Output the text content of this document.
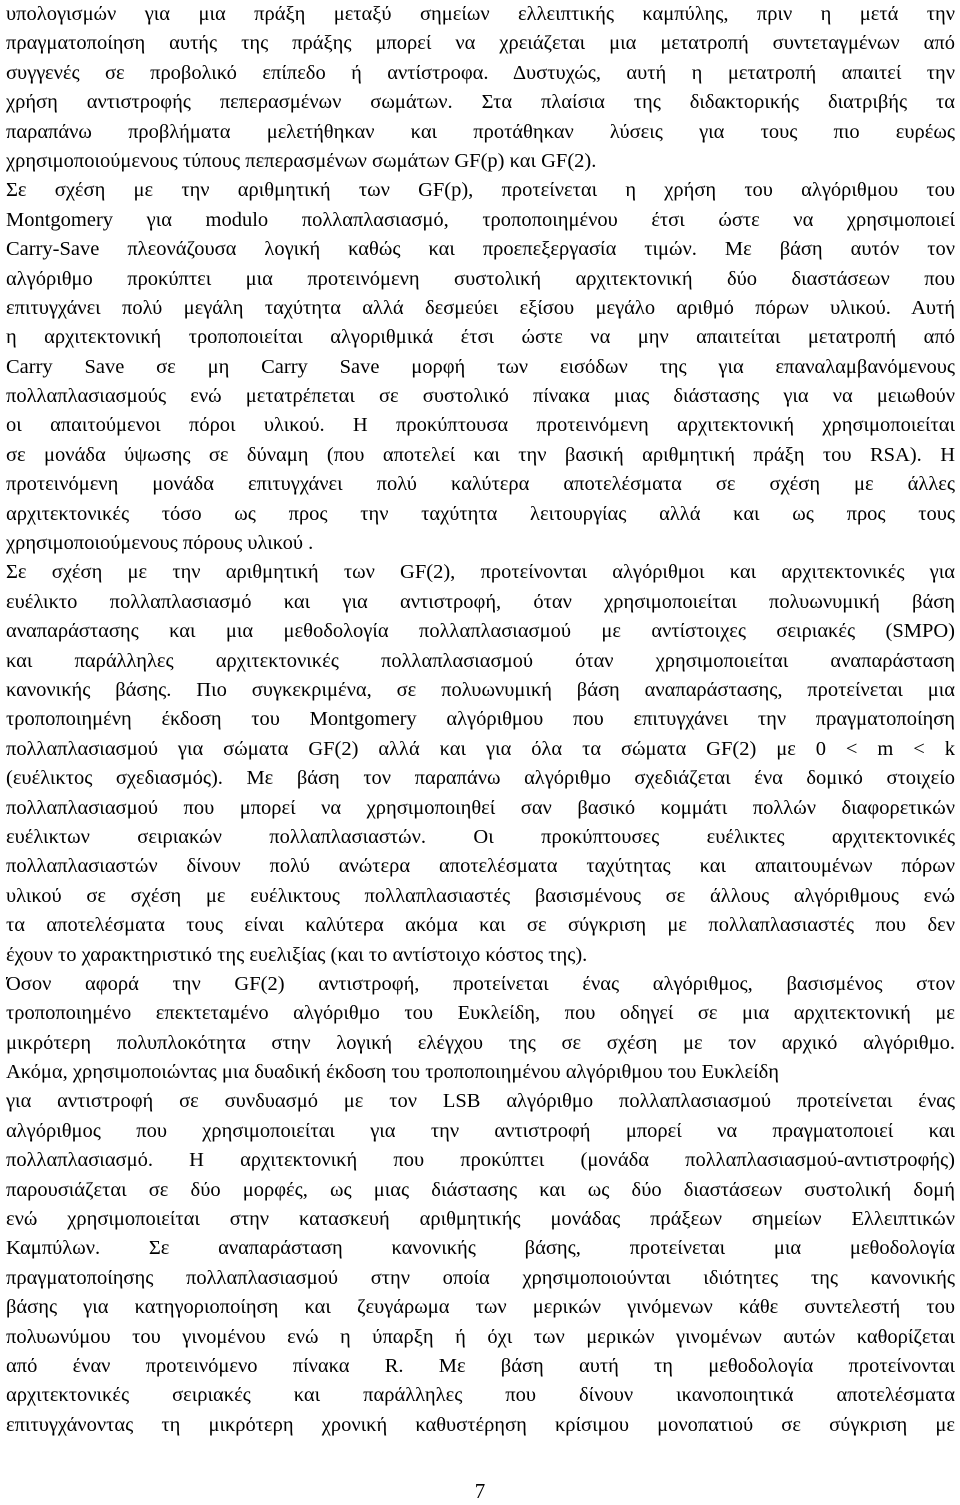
υπολογισμών για μια πράξη μεταξύ σημείων ελλειπτικής καμπύλης, πριν η μετά την
πραγματοποίηση αυτής της πράξης μπορεί να χρειάζεται μια μετατροπή συντεταγμένων από
συγγενές σε προβολικό επίπεδο ή αντίστροφα. Δυστυχώς, αυτή η μετατροπή απαιτεί την
χρήση αντιστροφής πεπερασμένων σωμάτων. Στα πλαίσια της διδακτορικής διατριβής τα
παραπάνω προβλήματα μελετήθηκαν και προτάθηκαν λύσεις για τους πιο ευρέως
χρησιμοποιούμενους τύπους πεπερασμένων σωμάτων GF(p) και GF(2).
Σε σχέση με την αριθμητική των GF(p), προτείνεται η χρήση του αλγόριθμου του
Montgomery για modulo πολλαπλασιασμό, τροποποιημένου έτσι ώστε να χρησιμοποιεί
Carry-Save πλεονάζουσα λογική καθώς και προεπεξεργασία τιμών. Με βάση αυτόν τον
αλγόριθμο προκύπτει μια προτεινόμενη συστολική αρχιτεκτονική δύο διαστάσεων που
επιτυγχάνει πολύ μεγάλη ταχύτητα αλλά δεσμεύει εξίσου μεγάλο αριθμό πόρων υλικού. Αυτή
η αρχιτεκτονική τροποποιείται αλγοριθμικά έτσι ώστε να μην απαιτείται μετατροπή από
Carry Save σε μη Carry Save μορφή των εισόδων της για επαναλαμβανόμενους
πολλαπλασιασμούς ενώ μετατρέπεται σε συστολικό πίνακα μιας διάστασης για να μειωθούν
οι απαιτούμενοι πόροι υλικού. Η προκύπτουσα προτεινόμενη αρχιτεκτονική χρησιμοποιείται
σε μονάδα ύψωσης σε δύναμη (που αποτελεί και την βασική αριθμητική πράξη του RSA). Η
προτεινόμενη μονάδα επιτυγχάνει πολύ καλύτερα αποτελέσματα σε σχέση με άλλες
αρχιτεκτονικές τόσο ως προς την ταχύτητα λειτουργίας αλλά και ως προς τους
χρησιμοποιούμενους πόρους υλικού .
Σε σχέση με την αριθμητική των GF(2), προτείνονται αλγόριθμοι και αρχιτεκτονικές για
ευέλικτο πολλαπλασιασμό και για αντιστροφή, όταν χρησιμοποιείται πολυωνυμική βάση
αναπαράστασης και μια μεθοδολογία πολλαπλασιασμού με αντίστοιχες σειριακές (SMPO)
και παράλληλες αρχιτεκτονικές πολλαπλασιασμού όταν χρησιμοποιείται αναπαράσταση
κανονικής βάσης. Πιο συγκεκριμένα, σε πολυωνυμική βάση αναπαράστασης, προτείνεται μια
τροποποιημένη έκδοση του Montgomery αλγόριθμου που επιτυγχάνει την πραγματοποίηση
πολλαπλασιασμού για σώματα GF(2) αλλά και για όλα τα σώματα GF(2) με 0 < m < k
(ευέλικτος σχεδιασμός). Με βάση τον παραπάνω αλγόριθμο σχεδιάζεται ένα δομικό στοιχείο
πολλαπλασιασμού που μπορεί να χρησιμοποιηθεί σαν βασικό κομμάτι πολλών διαφορετικών
ευέλικτων σειριακών πολλαπλασιαστών. Οι προκύπτουσες ευέλικτες αρχιτεκτονικές
πολλαπλασιαστών δίνουν πολύ ανώτερα αποτελέσματα ταχύτητας και απαιτουμένων πόρων
υλικού σε σχέση με ευέλικτους πολλαπλασιαστές βασισμένους σε άλλους αλγόριθμους ενώ
τα αποτελέσματα τους είναι καλύτερα ακόμα και σε σύγκριση με πολλαπλασιαστές που δεν
έχουν το χαρακτηριστικό της ευελιξίας (και το αντίστοιχο κόστος της).
Όσον αφορά την GF(2) αντιστροφή, προτείνεται ένας αλγόριθμος, βασισμένος στον
τροποποιημένο επεκτεταμένο αλγόριθμο του Ευκλείδη, που οδηγεί σε μια αρχιτεκτονική με
μικρότερη πολυπλοκότητα στην λογική ελέγχου της σε σχέση με τον αρχικό αλγόριθμο.
Ακόμα, χρησιμοποιώντας μια δυαδική έκδοση του τροποποιημένου αλγόριθμου του Ευκλείδη
για αντιστροφή σε συνδυασμό με τον LSB αλγόριθμο πολλαπλασιασμού προτείνεται ένας
αλγόριθμος που χρησιμοποιείται για την αντιστροφή μπορεί να πραγματοποιεί και
πολλαπλασιασμό. Η αρχιτεκτονική που προκύπτει (μονάδα πολλαπλασιασμού-αντιστροφής)
παρουσιάζεται σε δύο μορφές, ως μιας διάστασης και ως δύο διαστάσεων συστολική δομή
ενώ χρησιμοποιείται στην κατασκευή αριθμητικής μονάδας πράξεων σημείων Ελλειπτικών
Καμπύλων. Σε αναπαράσταση κανονικής βάσης, προτείνεται μια μεθοδολογία
πραγματοποίησης πολλαπλασιασμού στην οποία χρησιμοποιούνται ιδιότητες της κανονικής
βάσης για κατηγοριοποίηση και ζευγάρωμα των μερικών γινόμενων κάθε συντελεστή του
πολυωνύμου του γινομένου ενώ η ύπαρξη ή όχι των μερικών γινομένων αυτών καθορίζεται
από έναν προτεινόμενο πίνακα R. Με βάση αυτή τη μεθοδολογία προτείνονται
αρχιτεκτονικές σειριακές και παράλληλες που δίνουν ικανοποιητικά αποτελέσματα
επιτυγχάνοντας τη μικρότερη χρονική καθυστέρηση κρίσιμου μονοπατιού σε σύγκριση με
7
